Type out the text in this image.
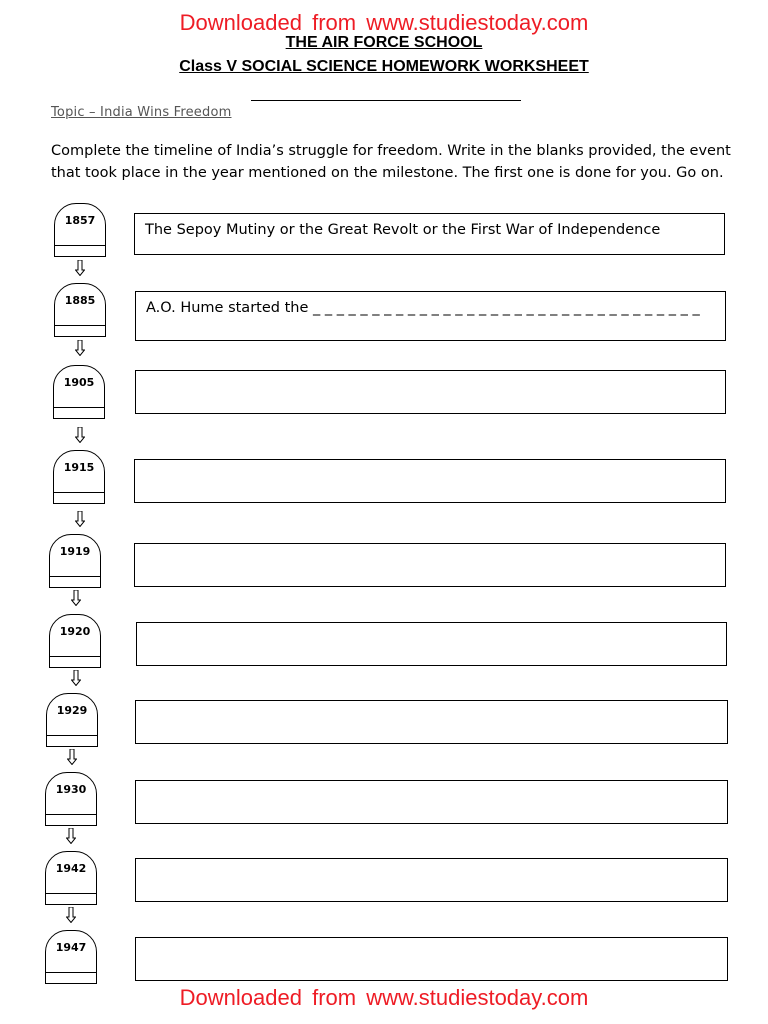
Downloaded from www.studiestoday.com
THE AIR FORCE SCHOOL
Class V SOCIAL SCIENCE HOMEWORK WORKSHEET
Topic – India Wins Freedom
Complete the timeline of India’s struggle for freedom. Write in the blanks provided, the event
that took place in the year mentioned on the milestone. The first one is done for you. Go on.
1857
The Sepoy Mutiny or the Great Revolt or the First War of Independence
1885	A.O. Hume started the _ _ _ _ _ _ _ _ _ _ _ _ _ _ _ _ _ _ _ _ _ _ _ _ _ _ _ _ _ _ _ _ _
1905
1915
1919
1920
1929
1930
1942
1947
Downloaded from www.studiestoday.com
